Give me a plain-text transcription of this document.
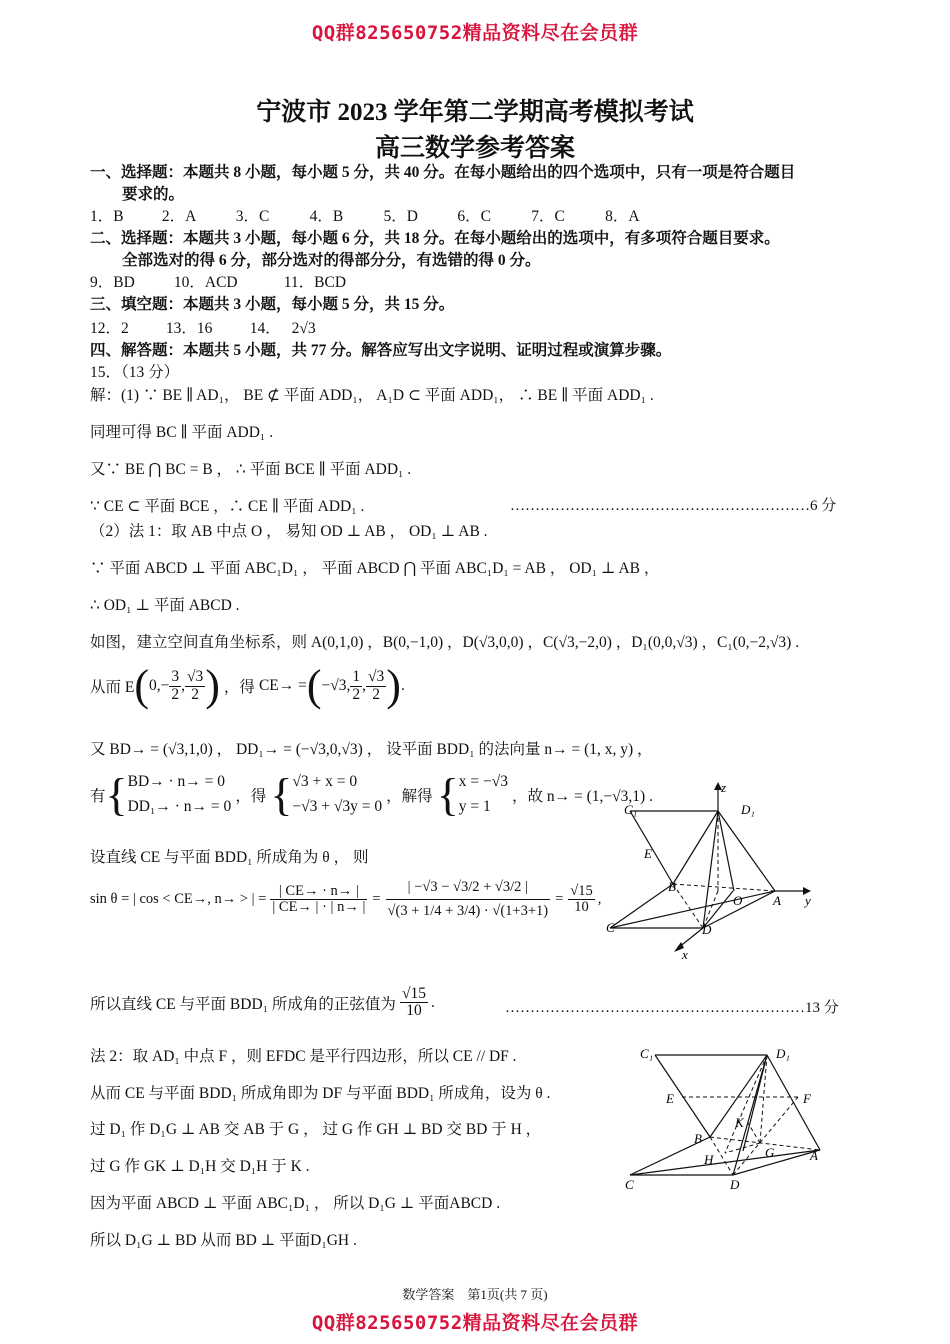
QQ群825650752精品资料尽在会员群
宁波市 2023 学年第二学期高考模拟考试
高三数学参考答案
一、选择题：本题共 8 小题，每小题 5 分，共 40 分。在每小题给出的四个选项中，只有一项是符合题目
要求的。
1．B 2．A	3．C	4．B	5．D	6．C	7．C	8．A
二、选择题：本题共 3 小题，每小题 6 分，共 18 分。在每小题给出的选项中，有多项符合题目要求。
全部选对的得 6 分，部分选对的得部分分，有选错的得 0 分。
9．BD	10．ACD	11．BCD
三、填空题：本题共 3 小题，每小题 5 分，共 15 分。
12．2 13．16 14． 2√3
四、解答题：本题共 5 小题，共 77 分。解答应写出文字说明、证明过程或演算步骤。
15．（13 分）
解：(1) ∵ BE ∥ AD₁， BE ⊄ 平面 ADD₁， A₁D ⊂ 平面 ADD₁， ∴ BE ∥ 平面 ADD₁ .
同理可得 BC ∥ 平面 ADD₁ .
又∵ BE ⋂ BC = B ， ∴ 平面 BCE ∥ 平面 ADD₁ .
∵ CE ⊂ 平面 BCE ，∴ CE ∥ 平面 ADD₁ .	……………………………………………………6 分
（2）法 1：取 AB 中点 O ， 易知 OD ⊥ AB ， OD₁ ⊥ AB .
∵ 平面 ABCD ⊥ 平面 ABC₁D₁ ， 平面 ABCD ⋂ 平面 ABC₁D₁ = AB ， OD₁ ⊥ AB ，
∴ OD₁ ⊥ 平面 ABCD .
如图，建立空间直角坐标系，则 A(0,1,0) ，B(0,−1,0) ，D(√3,0,0) ，C(√3,−2,0) ，D₁(0,0,√3) ，C₁(0,−2,√3) .
从而 E ( $0,- \frac{3}{2}$ , $\frac{√3}{2}$ ) ，得 CE→ = ( −√3, $\frac{1}{2}$ , $\frac{√3}{2}$ ) .
又 BD→ = (√3,1,0) ， DD₁→ = (−√3,0,√3) ， 设平面 BDD₁ 的法向量 n→ = (1, x, y) ，
有 { BD→ · n→ = 0
DD₁→ · n→ = 0
，得 { √3 + x = 0
−√3 + √3y = 0
，解得 { x = −√3
y = 1
，故 n→ = (1,−√3,1) .
设直线 CE 与平面 BDD₁ 所成角为 θ ， 则
sin θ = | cos < CE→, n→ > | = $\frac{| CE\to \cdot n\to |}{| CE\to | \cdot | n\to |} = \frac{| -√3 - √3/2 + √3/2 |}{√(3 + 1/4 + 3/4) \cdot √(1+3+1)} = \frac{√15}{10}$ ,
所以直线 CE 与平面 BDD₁ 所成角的正弦值为 $\frac{√15}{10}$ .	……………………………………………………13 分
法 2：取 AD₁ 中点 F ，则 EFDC 是平行四边形，所以 CE // DF .
从而 CE 与平面 BDD₁ 所成角即为 DF 与平面 BDD₁ 所成角，设为 θ .
过 D₁ 作 D₁G ⊥ AB 交 AB 于 G ， 过 G 作 GH ⊥ BD 交 BD 于 H ，
过 G 作 GK ⊥ D₁H 交 D₁H 于 K .
因为平面 ABCD ⊥ 平面 ABC₁D₁ ， 所以 D₁G ⊥ 平面ABCD .
所以 D₁G ⊥ BD 从而 BD ⊥ 平面D₁GH .
z
C₁	D₁
E
B
O A y
C	D
x
C₁	D₁
E	F
K
B
H	G	A
C	D
数学答案　第1页(共 7 页)
QQ群825650752精品资料尽在会员群
